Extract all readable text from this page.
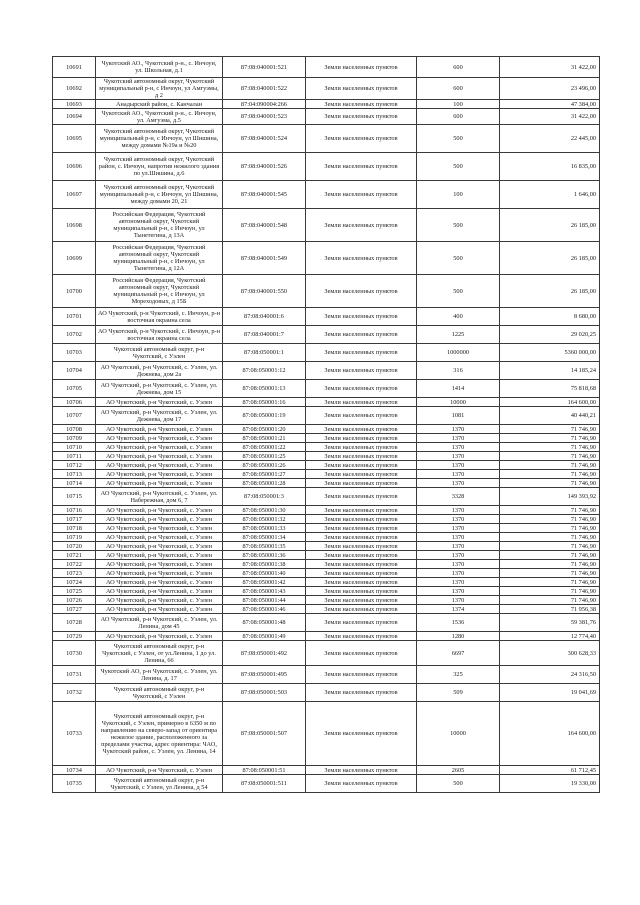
10691	Чукотский АО., Чукотский р-н., с. Инчоун, ул. Школьная, д.1	87:08:040001:521	Земли населенных пунктов	600	31 422,00
10692	Чукотский автономный округ, Чукотский муниципальный р-н, с Инчоун, ул Амгуэмы, д 2	87:08:040001:522	Земли населенных пунктов	600	23 496,00
10693	Анадырский район, с. Канчалан	87:04:090004:266	Земли населенных пунктов	100	47 384,00
10694	Чукотский АО., Чукотский р-н., с. Инчоун, ул. Амгуэма, д.5	87:08:040001:523	Земли населенных пунктов	600	31 422,00
10695	Чукотский автономный округ, Чукотский муниципальный р-н, с Инчоун, ул Шишина, между домами №19а и №20	87:08:040001:524	Земли населенных пунктов	500	22 445,00
10696	Чукотский автономный округ, Чукотский район, с. Инчоун, напротив нежилого здания по ул.Шишина, д.6	87:08:040001:526	Земли населенных пунктов	500	16 835,00
10697	Чукотский автономный округ, Чукотский муниципальный р-н, с Инчоун, ул Шишина, между домами 20, 21	87:08:040001:545	Земли населенных пунктов	100	1 646,00
10698	Российская Федерация, Чукотский автономный округ, Чукотский муниципальный р-н, с Инчоун, ул Тынетегина, д 13А	87:08:040001:548	Земли населенных пунктов	500	26 185,00
10699	Российская Федерация, Чукотский автономный округ, Чукотский муниципальный р-н, с Инчоун, ул Тынетегина, д 12А	87:08:040001:549	Земли населенных пунктов	500	26 185,00
10700	Российская Федерация, Чукотский автономный округ, Чукотский муниципальный р-н, с Инчоун, ул Мореходовых, д 15Б	87:08:040001:550	Земли населенных пунктов	500	26 185,00
10701	АО Чукотский, р-н Чукотский, с. Инчоун, р-н восточная окраина села	87:08:040001:6	Земли населенных пунктов	400	8 680,00
10702	АО Чукотский, р-н Чукотский, с. Инчоун, р-н восточная окраина села	87:08:040001:7	Земли населенных пунктов	1225	29 020,25
10703	Чукотский автономный округ, р-н Чукотский, с Уэлен	87:08:050001:1	Земли населенных пунктов	1000000	5360 000,00
10704	АО Чукотский, р-н Чукотский, с. Уэлен, ул. Дежнева, дом 2а	87:08:050001:12	Земли населенных пунктов	316	14 185,24
10705	АО Чукотский, р-н Чукотский, с. Уэлен, ул. Дежнева, дом 15	87:08:050001:13	Земли населенных пунктов	1414	75 818,68
10706	АО Чукотский, р-н Чукотский, с. Уэлен	87:08:050001:16	Земли населенных пунктов	10000	164 600,00
10707	АО Чукотский, р-н Чукотский, с. Уэлен, ул. Дежнева, дом 17	87:08:050001:19	Земли населенных пунктов	1081	40 440,21
10708	АО Чукотский, р-н Чукотский, с. Уэлен	87:08:050001:20	Земли населенных пунктов	1370	71 746,90
10709	АО Чукотский, р-н Чукотский, с. Уэлен	87:08:050001:21	Земли населенных пунктов	1370	71 746,90
10710	АО Чукотский, р-н Чукотский, с. Уэлен	87:08:050001:22	Земли населенных пунктов	1370	71 746,90
10711	АО Чукотский, р-н Чукотский, с. Уэлен	87:08:050001:25	Земли населенных пунктов	1370	71 746,90
10712	АО Чукотский, р-н Чукотский, с. Уэлен	87:08:050001:26	Земли населенных пунктов	1370	71 746,90
10713	АО Чукотский, р-н Чукотский, с. Уэлен	87:08:050001:27	Земли населенных пунктов	1370	71 746,90
10714	АО Чукотский, р-н Чукотский, с. Уэлен	87:08:050001:28	Земли населенных пунктов	1370	71 746,90
10715	АО Чукотский, р-н Чукотский, с. Уэлен, ул. Набережная, дом 6, 7	87:08:050001:3	Земли населенных пунктов	3328	149 393,92
10716	АО Чукотский, р-н Чукотский, с. Уэлен	87:08:050001:30	Земли населенных пунктов	1370	71 746,90
10717	АО Чукотский, р-н Чукотский, с. Уэлен	87:08:050001:32	Земли населенных пунктов	1370	71 746,90
10718	АО Чукотский, р-н Чукотский, с. Уэлен	87:08:050001:33	Земли населенных пунктов	1370	71 746,90
10719	АО Чукотский, р-н Чукотский, с. Уэлен	87:08:050001:34	Земли населенных пунктов	1370	71 746,90
10720	АО Чукотский, р-н Чукотский, с. Уэлен	87:08:050001:35	Земли населенных пунктов	1370	71 746,90
10721	АО Чукотский, р-н Чукотский, с. Уэлен	87:08:050001:36	Земли населенных пунктов	1370	71 746,90
10722	АО Чукотский, р-н Чукотский, с. Уэлен	87:08:050001:38	Земли населенных пунктов	1370	71 746,90
10723	АО Чукотский, р-н Чукотский, с. Уэлен	87:08:050001:40	Земли населенных пунктов	1370	71 746,90
10724	АО Чукотский, р-н Чукотский, с. Уэлен	87:08:050001:42	Земли населенных пунктов	1370	71 746,90
10725	АО Чукотский, р-н Чукотский, с. Уэлен	87:08:050001:43	Земли населенных пунктов	1370	71 746,90
10726	АО Чукотский, р-н Чукотский, с. Уэлен	87:08:050001:44	Земли населенных пунктов	1370	71 746,90
10727	АО Чукотский, р-н Чукотский, с. Уэлен	87:08:050001:46	Земли населенных пунктов	1374	71 956,38
10728	АО Чукотский, р-н Чукотский, с. Уэлен, ул. Ленина, дом 45	87:08:050001:48	Земли населенных пунктов	1536	59 381,76
10729	АО Чукотский, р-н Чукотский, с. Уэлен	87:08:050001:49	Земли населенных пунктов	1280	12 774,40
10730	Чукотский автономный округ, р-н Чукотский, с Уэлен, от ул.Ленина, 1 до ул. Ленина, 66	87:08:050001:492	Земли населенных пунктов	6697	300 628,33
10731	Чукотский АО, р-н Чукотский, с. Уэлен, ул. Ленина, д. 17	87:08:050001:495	Земли населенных пунктов	325	24 316,50
10732	Чукотский автономный округ, р-н Чукотский, с Уэлен	87:08:050001:503	Земли населенных пунктов	509	19 041,69
10733	Чукотский автономный округ, р-н Чукотский, с Уэлен, примерно в 6350 м по направлению на северо-запад от ориентира нежилое здание, расположенного за пределами участка, адрес ориентира: ЧАО, Чукотский район, с. Уэлен, ул. Ленина, 14	87:08:050001:507	Земли населенных пунктов	10000	164 600,00
10734	АО Чукотский, р-н Чукотский, с. Уэлен	87:08:050001:51	Земли населенных пунктов	2605	61 712,45
10735	Чукотский автономный округ, р-н Чукотский, с Уэлен, ул Ленина, д 54	87:08:050001:511	Земли населенных пунктов	500	19 330,00
